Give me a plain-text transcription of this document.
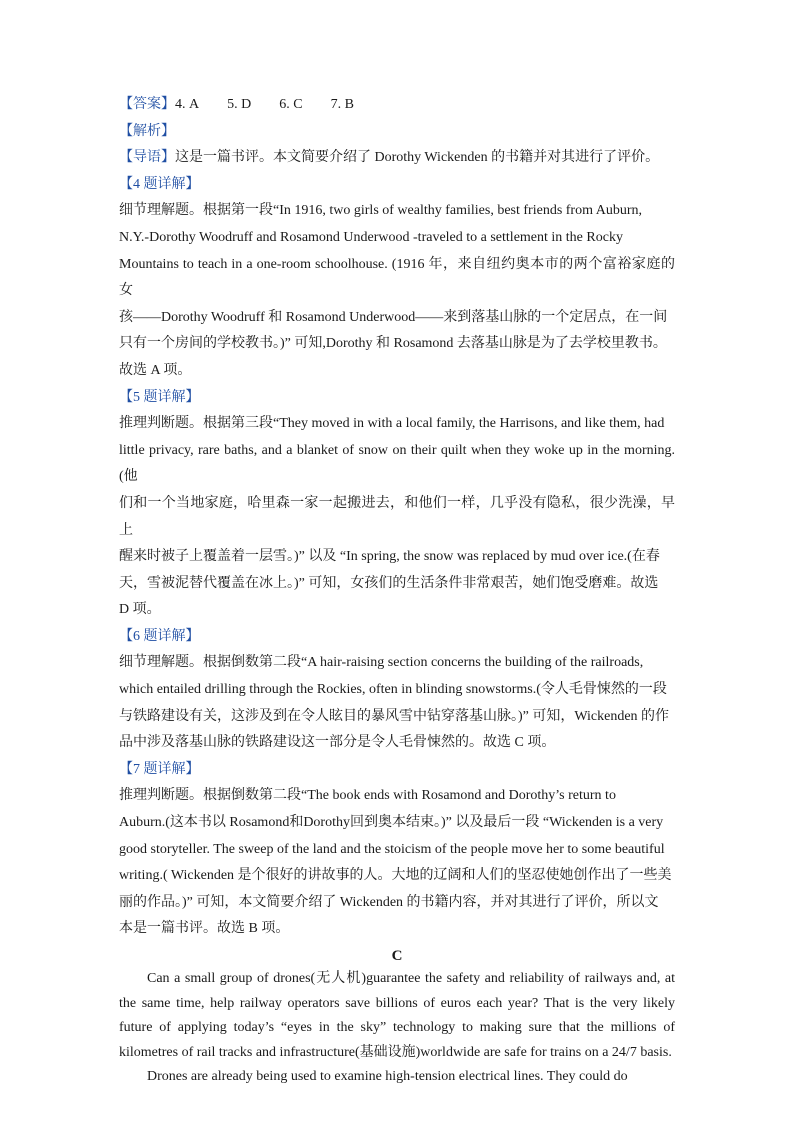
【答案】4. A 5. D 6. C 7. B

【解析】

【导语】这是一篇书评。本文简要介绍了 Dorothy Wickenden 的书籍并对其进行了评价。

【4 题详解】

细节理解题。根据第一段“In 1916, two girls of wealthy families, best friends from Auburn,

N.Y.-Dorothy Woodruff and Rosamond Underwood -traveled to a settlement in the Rocky

Mountains to teach in a one-room schoolhouse. (1916 年，来自纽约奥本市的两个富裕家庭的女

孩——Dorothy Woodruff 和 Rosamond Underwood——来到落基山脉的一个定居点，在一间

只有一个房间的学校教书。)” 可知,Dorothy 和 Rosamond 去落基山脉是为了去学校里教书。

故选 A 项。

【5 题详解】

推理判断题。根据第三段“They moved in with a local family, the Harrisons, and like them, had

little privacy, rare baths, and a blanket of snow on their quilt when they woke up in the morning.(他

们和一个当地家庭，哈里森一家一起搬进去，和他们一样，几乎没有隐私，很少洗澡，早上

醒来时被子上覆盖着一层雪。)” 以及 “In spring, the snow was replaced by mud over ice.(在春

天，雪被泥替代覆盖在冰上。)” 可知，女孩们的生活条件非常艰苦，她们饱受磨难。故选

D 项。

【6 题详解】

细节理解题。根据倒数第二段“A hair-raising section concerns the building of the railroads,

which entailed drilling through the Rockies, often in blinding snowstorms.(令人毛骨悚然的一段

与铁路建设有关，这涉及到在令人眩目的暴风雪中钻穿落基山脉。)” 可知，Wickenden 的作

品中涉及落基山脉的铁路建设这一部分是令人毛骨悚然的。故选 C 项。

【7 题详解】

推理判断题。根据倒数第二段“The book ends with Rosamond and Dorothy’s return to

Auburn.(这本书以 Rosamond和Dorothy回到奥本结束。)” 以及最后一段 “Wickenden is a very

good storyteller. The sweep of the land and the stoicism of the people move her to some beautiful

writing.( Wickenden 是个很好的讲故事的人。大地的辽阔和人们的坚忍使她创作出了一些美

丽的作品。)” 可知，本文简要介绍了 Wickenden 的书籍内容，并对其进行了评价，所以文

本是一篇书评。故选 B 项。

C

Can a small group of drones(无人机)guarantee the safety and reliability of railways and, at the same time, help railway operators save billions of euros each year? That is the very likely future of applying today’s “eyes in the sky” technology to making sure that the millions of kilometres of rail tracks and infrastructure(基础设施)worldwide are safe for trains on a 24/7 basis.

Drones are already being used to examine high-tension electrical lines. They could do
